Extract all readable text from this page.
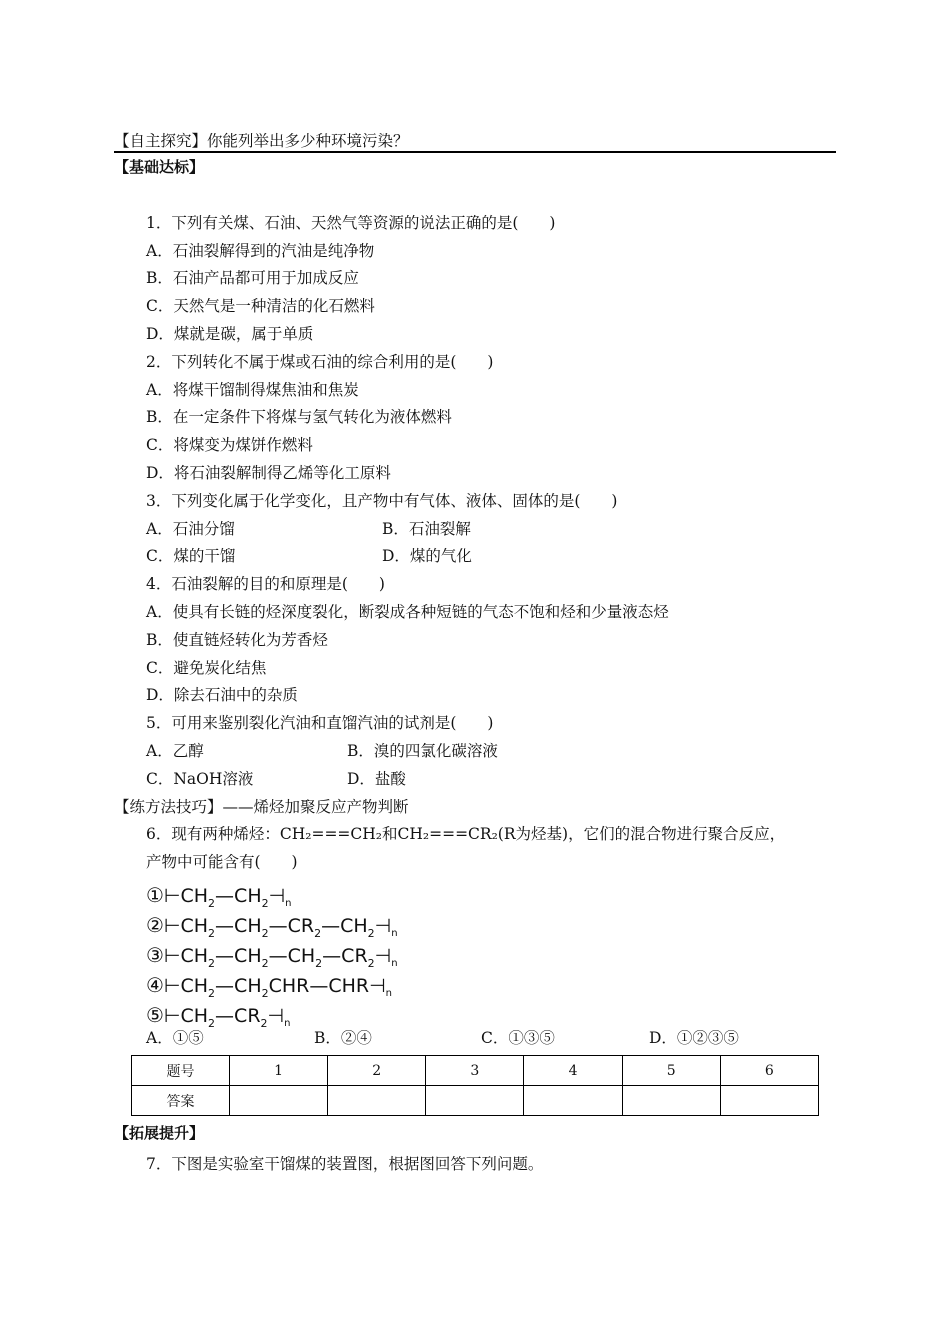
【自主探究】你能列举出多少种环境污染？
【基础达标】
1．下列有关煤、石油、天然气等资源的说法正确的是(　　)
A．石油裂解得到的汽油是纯净物
B．石油产品都可用于加成反应
C．天然气是一种清洁的化石燃料
D．煤就是碳，属于单质
2．下列转化不属于煤或石油的综合利用的是(　　)
A．将煤干馏制得煤焦油和焦炭
B．在一定条件下将煤与氢气转化为液体燃料
C．将煤变为煤饼作燃料
D．将石油裂解制得乙烯等化工原料
3．下列变化属于化学变化，且产物中有气体、液体、固体的是(　　)
A．石油分馏	B．石油裂解
C．煤的干馏	D．煤的气化
4．石油裂解的目的和原理是(　　)
A．使具有长链的烃深度裂化，断裂成各种短链的气态不饱和烃和少量液态烃
B．使直链烃转化为芳香烃
C．避免炭化结焦
D．除去石油中的杂质
5．可用来鉴别裂化汽油和直馏汽油的试剂是(　　)
A．乙醇	B．溴的四氯化碳溶液
C．NaOH溶液	D．盐酸
【练方法技巧】——烯烃加聚反应产物判断
6．现有两种烯烃：CH₂===CH₂和CH₂===CR₂(R为烃基)，它们的混合物进行聚合反应，
产物中可能含有(　　)
$①⊢CH_2—CH_2⊣_n$
$②⊢CH_2—CH_2—CR_2—CH_2⊣_n$
$③⊢CH_2—CH_2—CH_2—CR_2⊣_n$
$④⊢CH_2—CH_2CHR—CHR⊣_n$
$⑤⊢CH_2—CR_2⊣_n$
A．①⑤	B．②④	C．①③⑤	D．①②③⑤
题号	1	2	3	4	5	6
答案						
【拓展提升】
7．下图是实验室干馏煤的装置图，根据图回答下列问题。
